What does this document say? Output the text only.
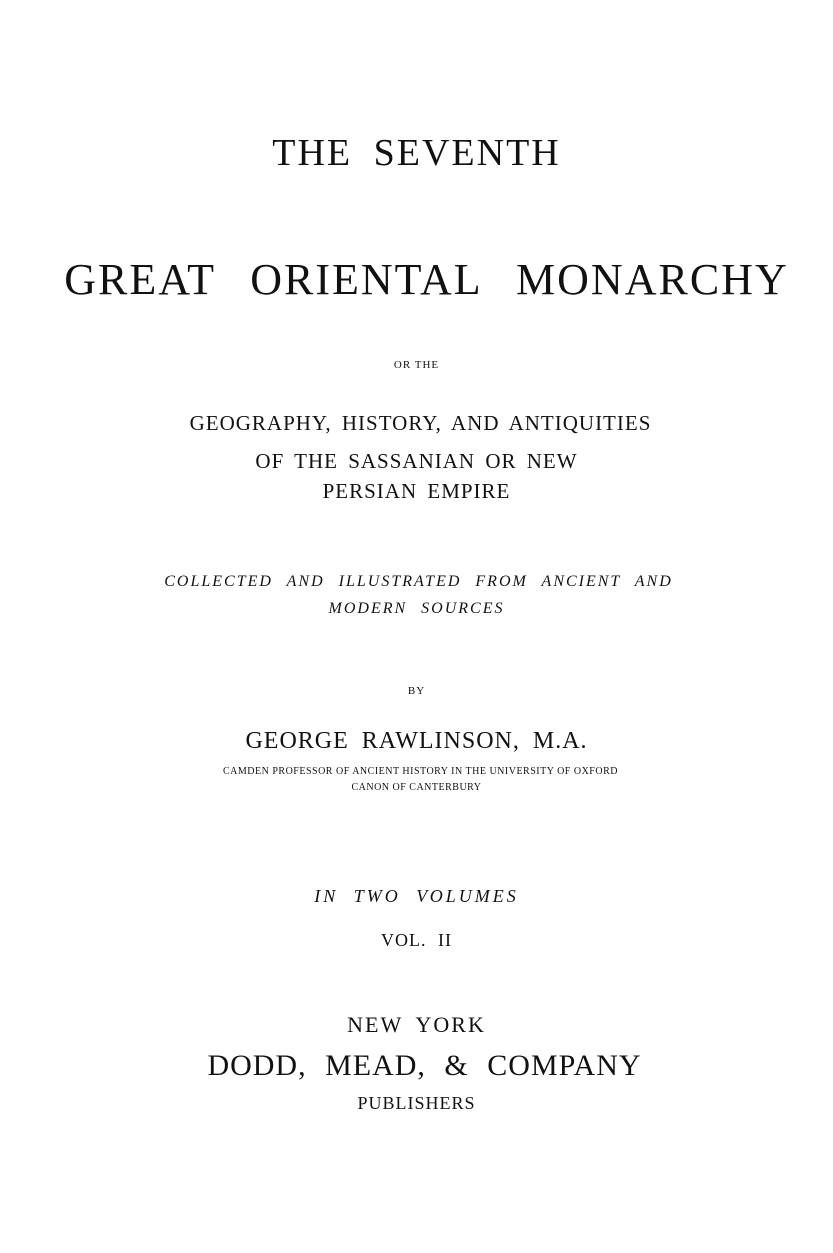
THE SEVENTH
GREAT ORIENTAL MONARCHY
OR THE
GEOGRAPHY, HISTORY, AND ANTIQUITIES
OF THE SASSANIAN OR NEW
PERSIAN EMPIRE
COLLECTED AND ILLUSTRATED FROM ANCIENT AND
MODERN SOURCES
BY
GEORGE RAWLINSON, M.A.
CAMDEN PROFESSOR OF ANCIENT HISTORY IN THE UNIVERSITY OF OXFORD
CANON OF CANTERBURY
IN TWO VOLUMES
VOL. II
NEW YORK
DODD, MEAD, & COMPANY
PUBLISHERS
